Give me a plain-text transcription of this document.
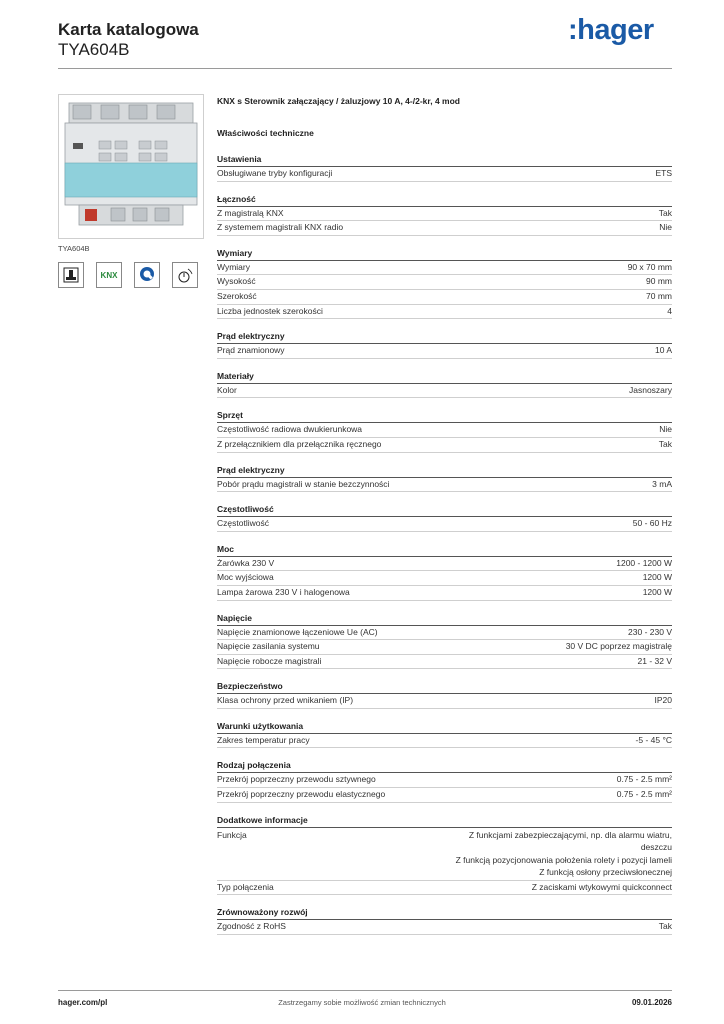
Karta katalogowa
TYA604B
:hager
TYA604B
KNX
KNX s Sterownik załączający / żaluzjowy 10 A, 4-/2-kr, 4 mod
Właściwości techniczne
Ustawienia
Obsługiwane tryby konfiguracji	ETS
Łączność
Z magistralą KNX	Tak
Z systemem magistrali KNX radio	Nie
Wymiary
Wymiary	90 x 70 mm
Wysokość	90 mm
Szerokość	70 mm
Liczba jednostek szerokości	4
Prąd elektryczny
Prąd znamionowy	10 A
Materiały
Kolor	Jasnoszary
Sprzęt
Częstotliwość radiowa dwukierunkowa	Nie
Z przełącznikiem dla przełącznika ręcznego	Tak
Prąd elektryczny
Pobór prądu magistrali w stanie bezczynności	3 mA
Częstotliwość
Częstotliwość	50 - 60 Hz
Moc
Żarówka 230 V	1200 - 1200 W
Moc wyjściowa	1200 W
Lampa żarowa 230 V i halogenowa	1200 W
Napięcie
Napięcie znamionowe łączeniowe Ue (AC)	230 - 230 V
Napięcie zasilania systemu	30 V DC poprzez magistralę
Napięcie robocze magistrali	21 - 32 V
Bezpieczeństwo
Klasa ochrony przed wnikaniem (IP)	IP20
Warunki użytkowania
Zakres temperatur pracy	-5 - 45 °C
Rodzaj połączenia
Przekrój poprzeczny przewodu sztywnego	0.75 - 2.5 mm²
Przekrój poprzeczny przewodu elastycznego	0.75 - 2.5 mm²
Dodatkowe informacje
Funkcja	Z funkcjami zabezpieczającymi, np. dla alarmu wiatru,
deszczu
Z funkcją pozycjonowania położenia rolety i pozycji lameli
Z funkcją osłony przeciwsłonecznej
Typ połączenia	Z zaciskami wtykowymi quickconnect
Zrównoważony rozwój
Zgodność z RoHS	Tak
hager.com/pl	Zastrzegamy sobie możliwość zmian technicznych	09.01.2026
